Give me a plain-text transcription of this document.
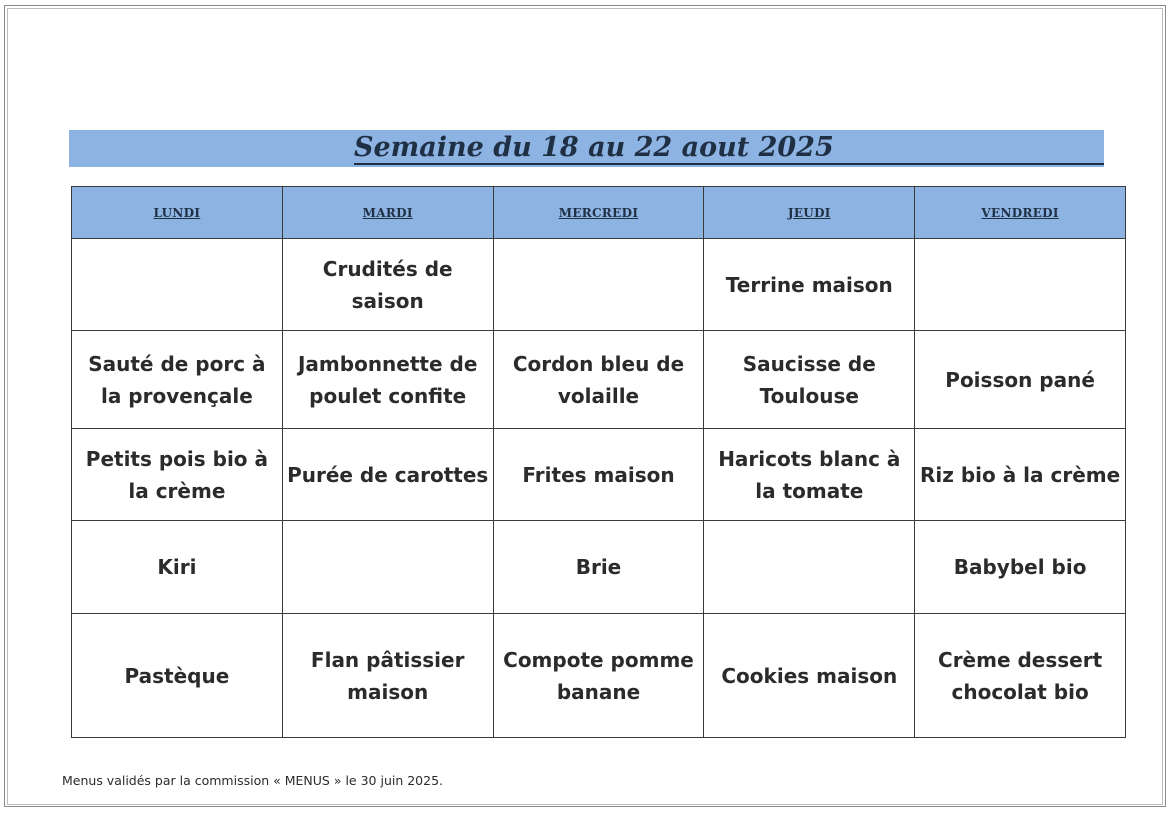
Semaine du 18 au 22 aout 2025
LUNDI	MARDI	MERCREDI	JEUDI	VENDREDI
	Crudités de saison		Terrine maison	
Sauté de porc à la provençale	Jambonnette de poulet confite	Cordon bleu de volaille	Saucisse de Toulouse	Poisson pané
Petits pois bio à la crème	Purée de carottes	Frites maison	Haricots blanc à la tomate	Riz bio à la crème
Kiri		Brie		Babybel bio
Pastèque	Flan pâtissier maison	Compote pomme banane	Cookies maison	Crème dessert chocolat bio
Menus validés par la commission « MENUS » le 30 juin 2025.
